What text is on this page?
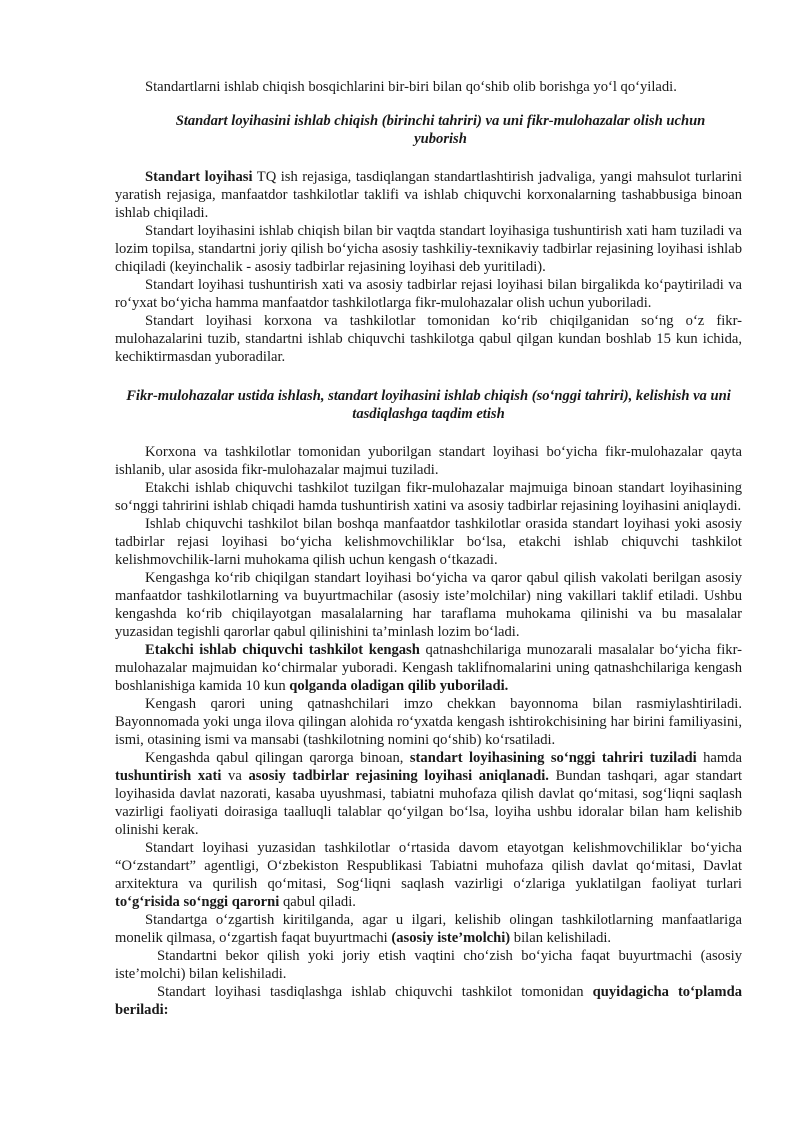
Standartlarni ishlab chiqish bosqichlarini bir-biri bilan qo‘shib olib borishga yo‘l qo‘yiladi.

Standart loyihasini ishlab chiqish (birinchi tahriri) va uni fikr-mulohazalar olish uchun yuborish

Standart loyihasi TQ ish rejasiga, tasdiqlangan standartlashtirish jadvaliga, yangi mahsulot turlarini yaratish rejasiga, manfaatdor tashkilotlar taklifi va ishlab chiquvchi korxonalarning tashabbusiga binoan ishlab chiqiladi.

Standart loyihasini ishlab chiqish bilan bir vaqtda standart loyihasiga tushuntirish xati ham tuziladi va lozim topilsa, standartni joriy qilish bo‘yicha asosiy tashkiliy-texnikaviy tadbirlar rejasining loyihasi ishlab chiqiladi (keyinchalik - asosiy tadbirlar rejasining loyihasi deb yuritiladi).

Standart loyihasi tushuntirish xati va asosiy tadbirlar rejasi loyihasi bilan birgalikda ko‘paytiriladi va ro‘yxat bo‘yicha hamma manfaatdor tashkilotlarga fikr-mulohazalar olish uchun yuboriladi.

Standart loyihasi korxona va tashkilotlar tomonidan ko‘rib chiqilganidan so‘ng o‘z fikr-mulohazalarini tuzib, standartni ishlab chiquvchi tashkilotga qabul qilgan kundan boshlab 15 kun ichida, kechiktirmasdan yuboradilar.

Fikr-mulohazalar ustida ishlash, standart loyihasini ishlab chiqish (so‘nggi tahriri), kelishish va uni tasdiqlashga taqdim etish

Korxona va tashkilotlar tomonidan yuborilgan standart loyihasi bo‘yicha fikr-mulohazalar qayta ishlanib, ular asosida fikr-mulohazalar majmui tuziladi.

Etakchi ishlab chiquvchi tashkilot tuzilgan fikr-mulohazalar majmuiga binoan standart loyihasining so‘nggi tahririni ishlab chiqadi hamda tushuntirish xatini va asosiy tadbirlar rejasining loyihasini aniqlaydi.

Ishlab chiquvchi tashkilot bilan boshqa manfaatdor tashkilotlar orasida standart loyihasi yoki asosiy tadbirlar rejasi loyihasi bo‘yicha kelishmovchiliklar bo‘lsa, etakchi ishlab chiquvchi tashkilot kelishmovchilik-larni muhokama qilish uchun kengash o‘tkazadi.

Kengashga ko‘rib chiqilgan standart loyihasi bo‘yicha va qaror qabul qilish vakolati berilgan asosiy manfaatdor tashkilotlarning va buyurtmachilar (asosiy iste’molchilar) ning vakillari taklif etiladi. Ushbu kengashda ko‘rib chiqilayotgan masalalarning har taraflama muhokama qilinishi va bu masalalar yuzasidan tegishli qarorlar qabul qilinishini ta’minlash lozim bo‘ladi.

Etakchi ishlab chiquvchi tashkilot kengash qatnashchilariga munozarali masalalar bo‘yicha fikr-mulohazalar majmuidan ko‘chirmalar yuboradi. Kengash taklifnomalarini uning qatnashchilariga kengash boshlanishiga kamida 10 kun qolganda oladigan qilib yuboriladi.

Kengash qarori uning qatnashchilari imzo chekkan bayonnoma bilan rasmiylashtiriladi. Bayonnomada yoki unga ilova qilingan alohida ro‘yxatda kengash ishtirokchisining har birini familiyasini, ismi, otasining ismi va mansabi (tashkilotning nomini qo‘shib) ko‘rsatiladi.

Kengashda qabul qilingan qarorga binoan, standart loyihasining so‘nggi tahriri tuziladi hamda tushuntirish xati va asosiy tadbirlar rejasining loyihasi aniqlanadi. Bundan tashqari, agar standart loyihasida davlat nazorati, kasaba uyushmasi, tabiatni muhofaza qilish davlat qo‘mitasi, sog‘liqni saqlash vazirligi faoliyati doirasiga taalluqli talablar qo‘yilgan bo‘lsa, loyiha ushbu idoralar bilan ham kelishib olinishi kerak.

Standart loyihasi yuzasidan tashkilotlar o‘rtasida davom etayotgan kelishmovchiliklar bo‘yicha “O‘zstandart” agentligi, O‘zbekiston Respublikasi Tabiatni muhofaza qilish davlat qo‘mitasi, Davlat arxitektura va qurilish qo‘mitasi, Sog‘liqni saqlash vazirligi o‘zlariga yuklatilgan faoliyat turlari to‘g‘risida so‘nggi qarorni qabul qiladi.

Standartga o‘zgartish kiritilganda, agar u ilgari, kelishib olingan tashkilotlarning manfaatlariga monelik qilmasa, o‘zgartish faqat buyurtmachi (asosiy iste’molchi) bilan kelishiladi.

Standartni bekor qilish yoki joriy etish vaqtini cho‘zish bo‘yicha faqat buyurtmachi (asosiy iste’molchi) bilan kelishiladi.

Standart loyihasi tasdiqlashga ishlab chiquvchi tashkilot tomonidan quyidagicha to‘plamda beriladi:
